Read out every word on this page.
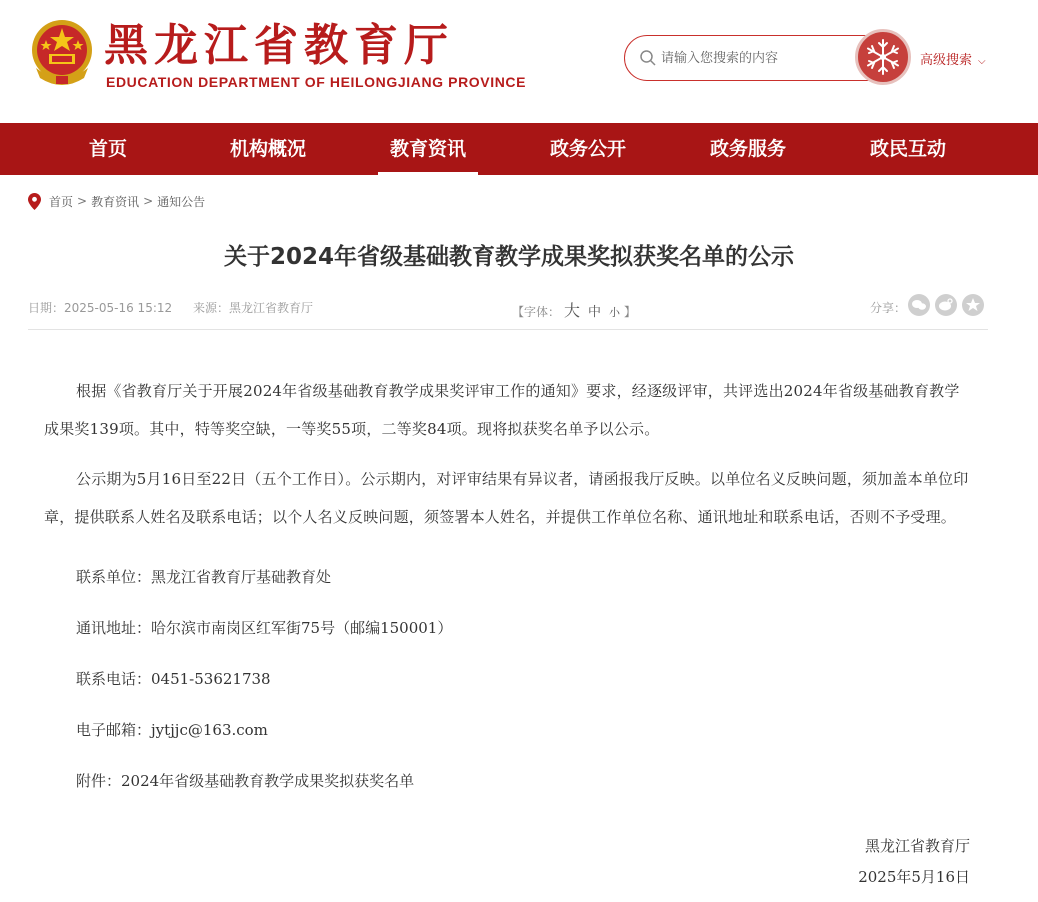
黑龙江省教育厅
EDUCATION DEPARTMENT OF HEILONGJIANG PROVINCE
请输入您搜索的内容
高级搜索 ⌵
首页	机构概况	教育资讯	政务公开	政务服务	政民互动
首页 > 教育资讯 > 通知公告
关于2024年省级基础教育教学成果奖拟获奖名单的公示
日期：2025-05-16 15:12 来源：黑龙江省教育厅	【字体： 大 中 小 】	分享：

根据《省教育厅关于开展2024年省级基础教育教学成果奖评审工作的通知》要求，经逐级评审，共评选出2024年省级基础教育教学成果奖139项。其中，特等奖空缺，一等奖55项，二等奖84项。现将拟获奖名单予以公示。

公示期为5月16日至22日（五个工作日）。公示期内，对评审结果有异议者，请函报我厅反映。以单位名义反映问题，须加盖本单位印章，提供联系人姓名及联系电话；以个人名义反映问题，须签署本人姓名，并提供工作单位名称、通讯地址和联系电话，否则不予受理。

联系单位：黑龙江省教育厅基础教育处

通讯地址：哈尔滨市南岗区红军街75号（邮编150001）

联系电话：0451-53621738

电子邮箱：jytjjc@163.com

附件：2024年省级基础教育教学成果奖拟获奖名单

黑龙江省教育厅
2025年5月16日
